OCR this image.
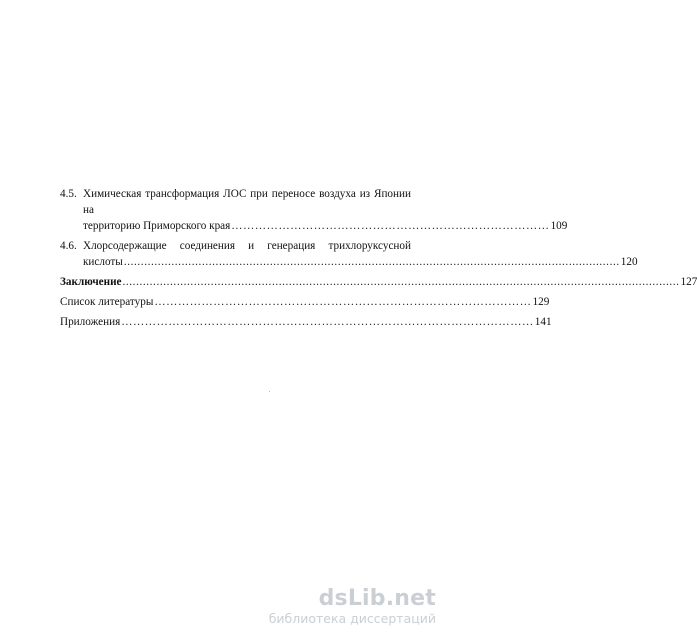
4.5. Химическая трансформация ЛОС при переносе воздуха из Японии на
территорию Приморского края ……………………………………………………………………… 109
4.6. Хлорсодержащие соединения и генерация трихлоруксусной
кислоты .................................................................................................................................................. 120
Заключение .................................................................................................................................................................... 127
Список литературы …………………………………………………………………………………… 129
Приложения …………………………………………………………………………………………… 141
dsLib.net
библиотека диссертаций
